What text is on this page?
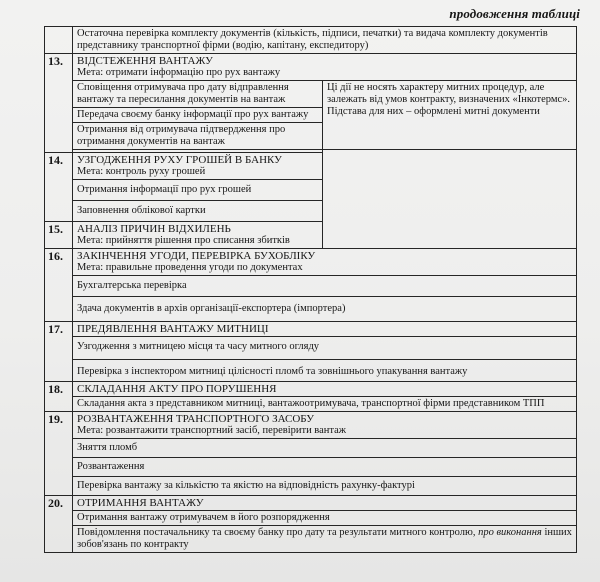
продовження таблиці
	Остаточна перевірка комплекту документів (кількість, підписи, печатки) та видача комплекту документів представнику транспортної фірми (водію, капітану, експедитору)	
13.	ВІДСТЕЖЕННЯ ВАНТАЖУ
Мета: отримати інформацію про рух вантажу	

	Сповіщення отримувача про дату відправлення вантажу та пересилання документів на вантаж	Ці дії не носять характеру митних процедур, але залежать від умов контракту, визначених «Інкотермс». Підстава для них – оформлені митні документи
	Передача своєму банку інформації про рух вантажу	
	Отримання від отримувача підтвердження про отримання документів на вантаж	

14.	УЗГОДЖЕННЯ РУХУ ГРОШЕЙ В БАНКУ
Мета: контроль руху грошей	

	Отримання інформації про рух грошей	
	Заповнення облікової картки	
15.	АНАЛІЗ ПРИЧИН ВІДХИЛЕНЬ
Мета: прийняття рішення про списання збитків	

16.	ЗАКІНЧЕННЯ УГОДИ, ПЕРЕВІРКА БУХОБЛІКУ
Мета: правильне проведення угоди по документах	

	Бухгалтерська перевірка	
	Здача документів в архів організації-експортера (імпортера)	
17.	ПРЕДЯВЛЕННЯ ВАНТАЖУ МИТНИЦІ	

	Узгодження з митницею місця та часу митного огляду	
	Перевірка з інспектором митниці цілісності пломб та зовнішнього упакування вантажу	
18.	СКЛАДАННЯ АКТУ ПРО ПОРУШЕННЯ	

	Складання акта з представником митниці, вантажоотримувача, транспортної фірми представником ТПП	
19.	РОЗВАНТАЖЕННЯ ТРАНСПОРТНОГО ЗАСОБУ
Мета: розвантажити транспортний засіб, перевірити вантаж	

	Зняття пломб	
	Розвантаження	
	Перевірка вантажу за кількістю та якістю на відповідність рахунку-фактурі	
20.	ОТРИМАННЯ ВАНТАЖУ	

	Отримання вантажу отримувачем в його розпорядження	
	Повідомлення постачальнику та своєму банку про дату та результати митного контролю, про виконання інших зобов'язань по контракту	
